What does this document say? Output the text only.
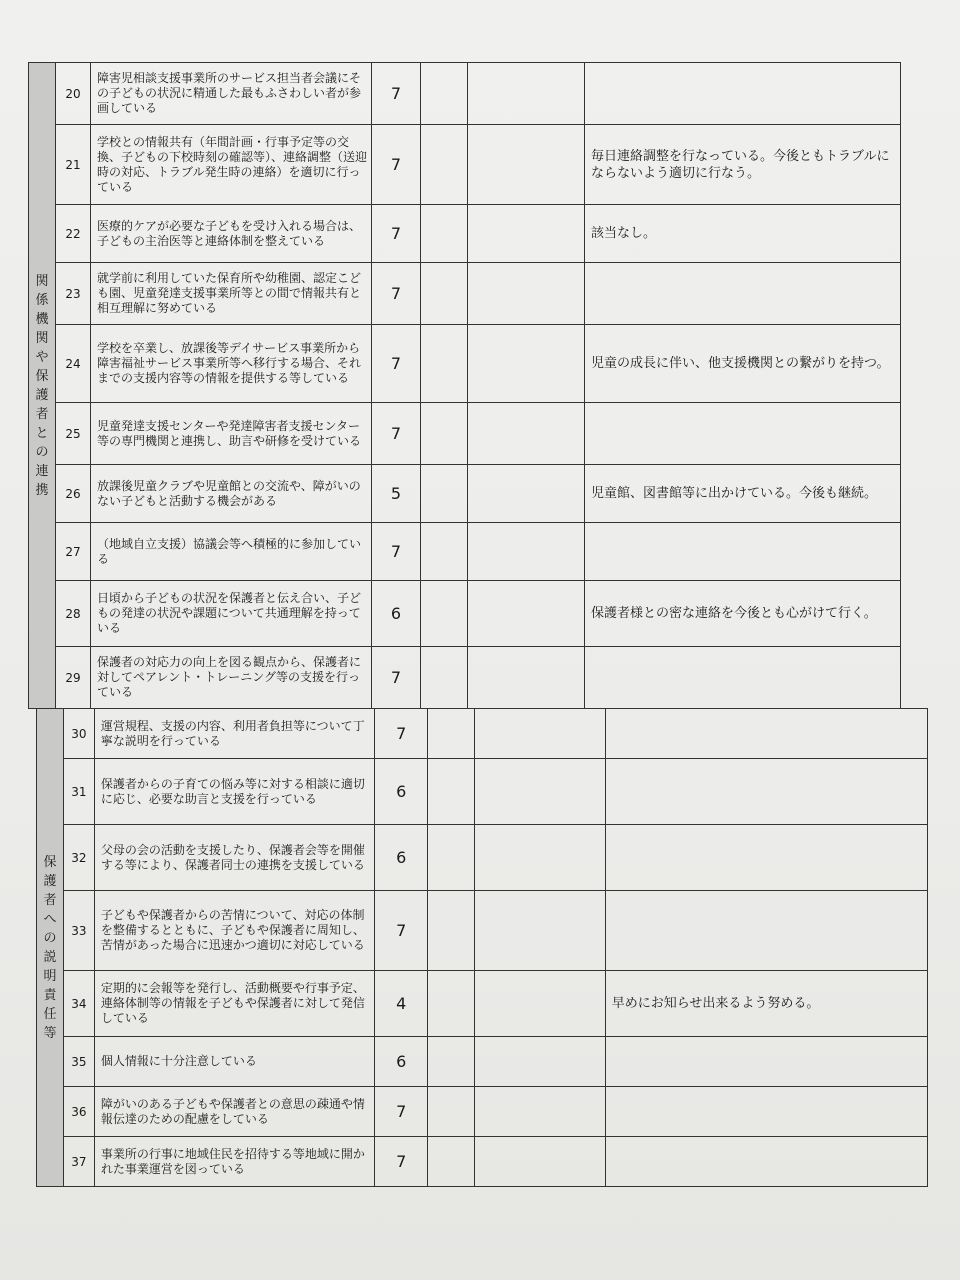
関係機関や保護者との連携	20	障害児相談支援事業所のサービス担当者会議にその子どもの状況に精通した最もふさわしい者が参画している	7			
	21	学校との情報共有（年間計画・行事予定等の交換、子どもの下校時刻の確認等）、連絡調整（送迎時の対応、トラブル発生時の連絡）を適切に行っている	7			毎日連絡調整を行なっている。今後ともトラブルにならないよう適切に行なう。
	22	医療的ケアが必要な子どもを受け入れる場合は、子どもの主治医等と連絡体制を整えている	7			該当なし。
	23	就学前に利用していた保育所や幼稚園、認定こども園、児童発達支援事業所等との間で情報共有と相互理解に努めている	7			
	24	学校を卒業し、放課後等デイサービス事業所から障害福祉サービス事業所等へ移行する場合、それまでの支援内容等の情報を提供する等している	7			児童の成長に伴い、他支援機関との繋がりを持つ。
	25	児童発達支援センターや発達障害者支援センター等の専門機関と連携し、助言や研修を受けている	7			
	26	放課後児童クラブや児童館との交流や、障がいのない子どもと活動する機会がある	5			児童館、図書館等に出かけている。今後も継続。
	27	（地域自立支援）協議会等へ積極的に参加している	7			
	28	日頃から子どもの状況を保護者と伝え合い、子どもの発達の状況や課題について共通理解を持っている	6			保護者様との密な連絡を今後とも心がけて行く。
	29	保護者の対応力の向上を図る観点から、保護者に対してペアレント・トレーニング等の支援を行っている	7			
保護者への説明責任等	30	運営規程、支援の内容、利用者負担等について丁寧な説明を行っている	7			
	31	保護者からの子育ての悩み等に対する相談に適切に応じ、必要な助言と支援を行っている	6			
	32	父母の会の活動を支援したり、保護者会等を開催する等により、保護者同士の連携を支援している	6			
	33	子どもや保護者からの苦情について、対応の体制を整備するとともに、子どもや保護者に周知し、苦情があった場合に迅速かつ適切に対応している	7			
	34	定期的に会報等を発行し、活動概要や行事予定、連絡体制等の情報を子どもや保護者に対して発信している	4			早めにお知らせ出来るよう努める。
	35	個人情報に十分注意している	6			
	36	障がいのある子どもや保護者との意思の疎通や情報伝達のための配慮をしている	7			
	37	事業所の行事に地域住民を招待する等地域に開かれた事業運営を図っている	7			
